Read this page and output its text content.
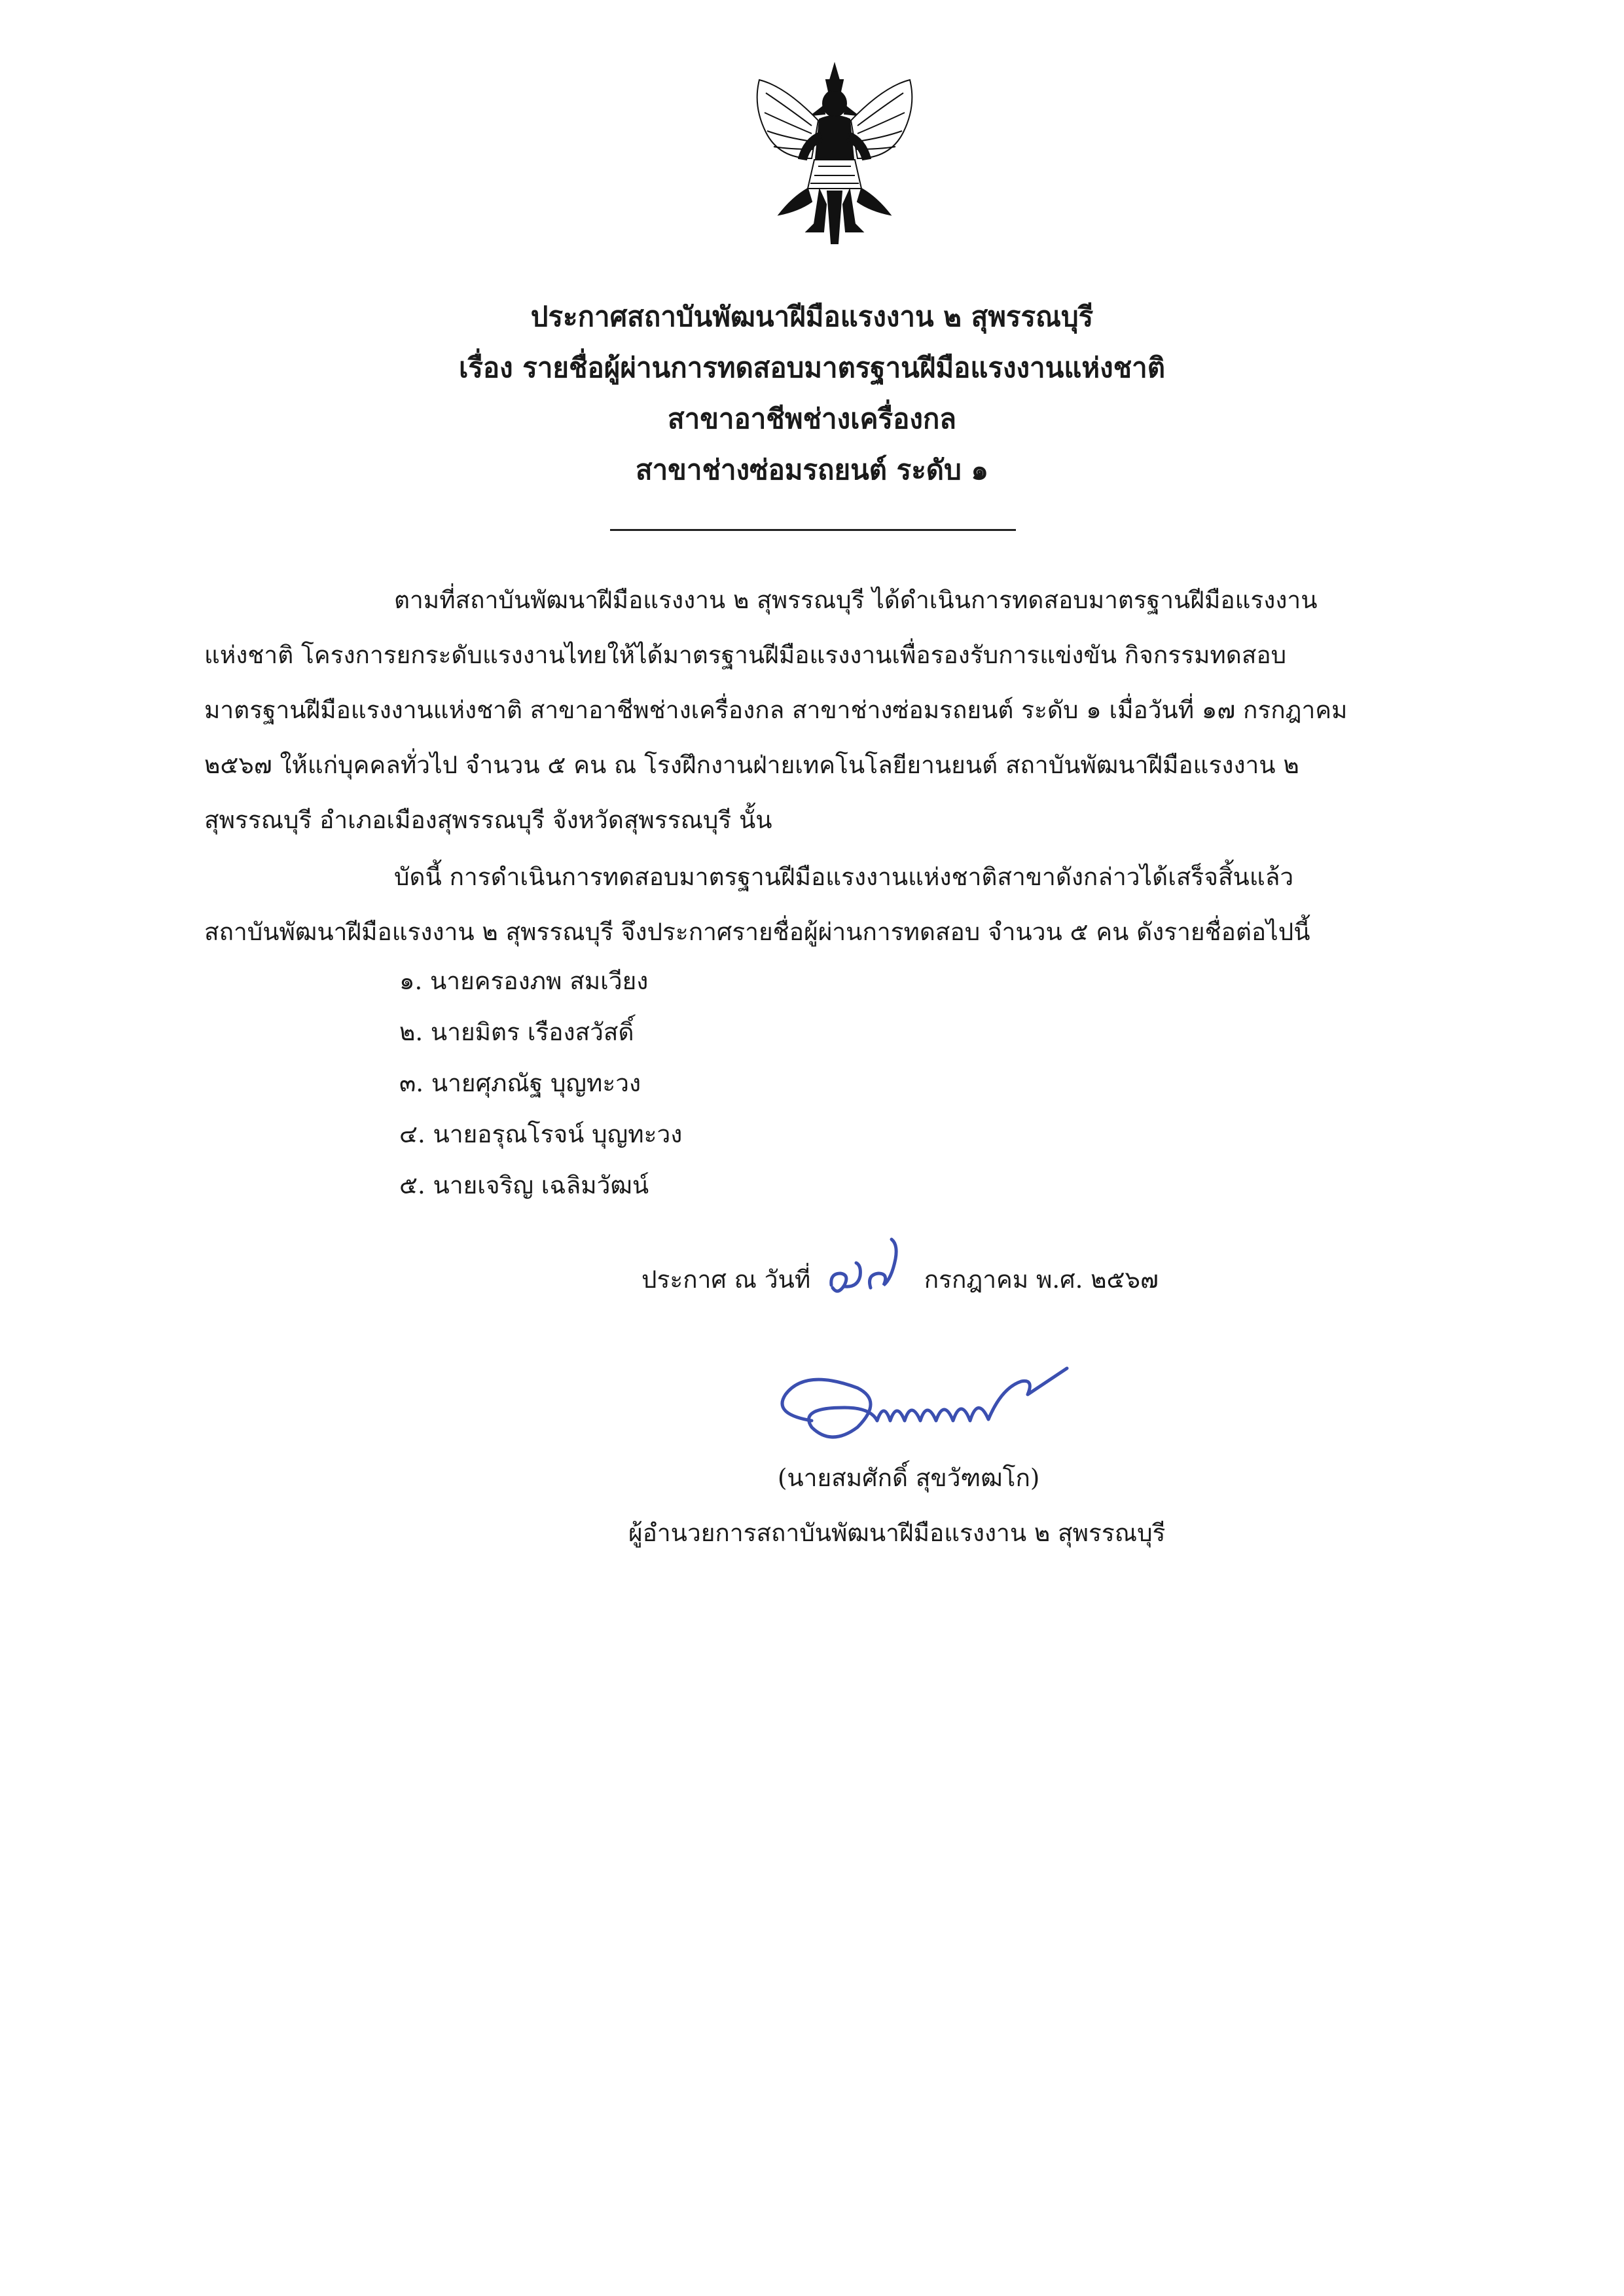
ประกาศสถาบันพัฒนาฝีมือแรงงาน ๒ สุพรรณบุรี
เรื่อง รายชื่อผู้ผ่านการทดสอบมาตรฐานฝีมือแรงงานแห่งชาติ
สาขาอาชีพช่างเครื่องกล
สาขาช่างซ่อมรถยนต์ ระดับ ๑
ตามที่สถาบันพัฒนาฝีมือแรงงาน ๒ สุพรรณบุรี ได้ดำเนินการทดสอบมาตรฐานฝีมือแรงงาน
แห่งชาติ โครงการยกระดับแรงงานไทยให้ได้มาตรฐานฝีมือแรงงานเพื่อรองรับการแข่งขัน กิจกรรมทดสอบ
มาตรฐานฝีมือแรงงานแห่งชาติ สาขาอาชีพช่างเครื่องกล สาขาช่างซ่อมรถยนต์ ระดับ ๑ เมื่อวันที่ ๑๗ กรกฎาคม
๒๕๖๗ ให้แก่บุคคลทั่วไป จำนวน ๕ คน ณ โรงฝึกงานฝ่ายเทคโนโลยียานยนต์ สถาบันพัฒนาฝีมือแรงงาน ๒
สุพรรณบุรี อำเภอเมืองสุพรรณบุรี จังหวัดสุพรรณบุรี นั้น
บัดนี้ การดำเนินการทดสอบมาตรฐานฝีมือแรงงานแห่งชาติสาขาดังกล่าวได้เสร็จสิ้นแล้ว
สถาบันพัฒนาฝีมือแรงงาน ๒ สุพรรณบุรี จึงประกาศรายชื่อผู้ผ่านการทดสอบ จำนวน ๕ คน ดังรายชื่อต่อไปนี้
๑. นายครองภพ สมเวียง
๒. นายมิตร เรืองสวัสดิ์
๓. นายศุภณัฐ บุญทะวง
๔. นายอรุณโรจน์ บุญทะวง
๕. นายเจริญ เฉลิมวัฒน์
ประกาศ ณ วันที่	กรกฎาคม พ.ศ. ๒๕๖๗
(นายสมศักดิ์ สุขวัฑฒโก)
ผู้อำนวยการสถาบันพัฒนาฝีมือแรงงาน ๒ สุพรรณบุรี
